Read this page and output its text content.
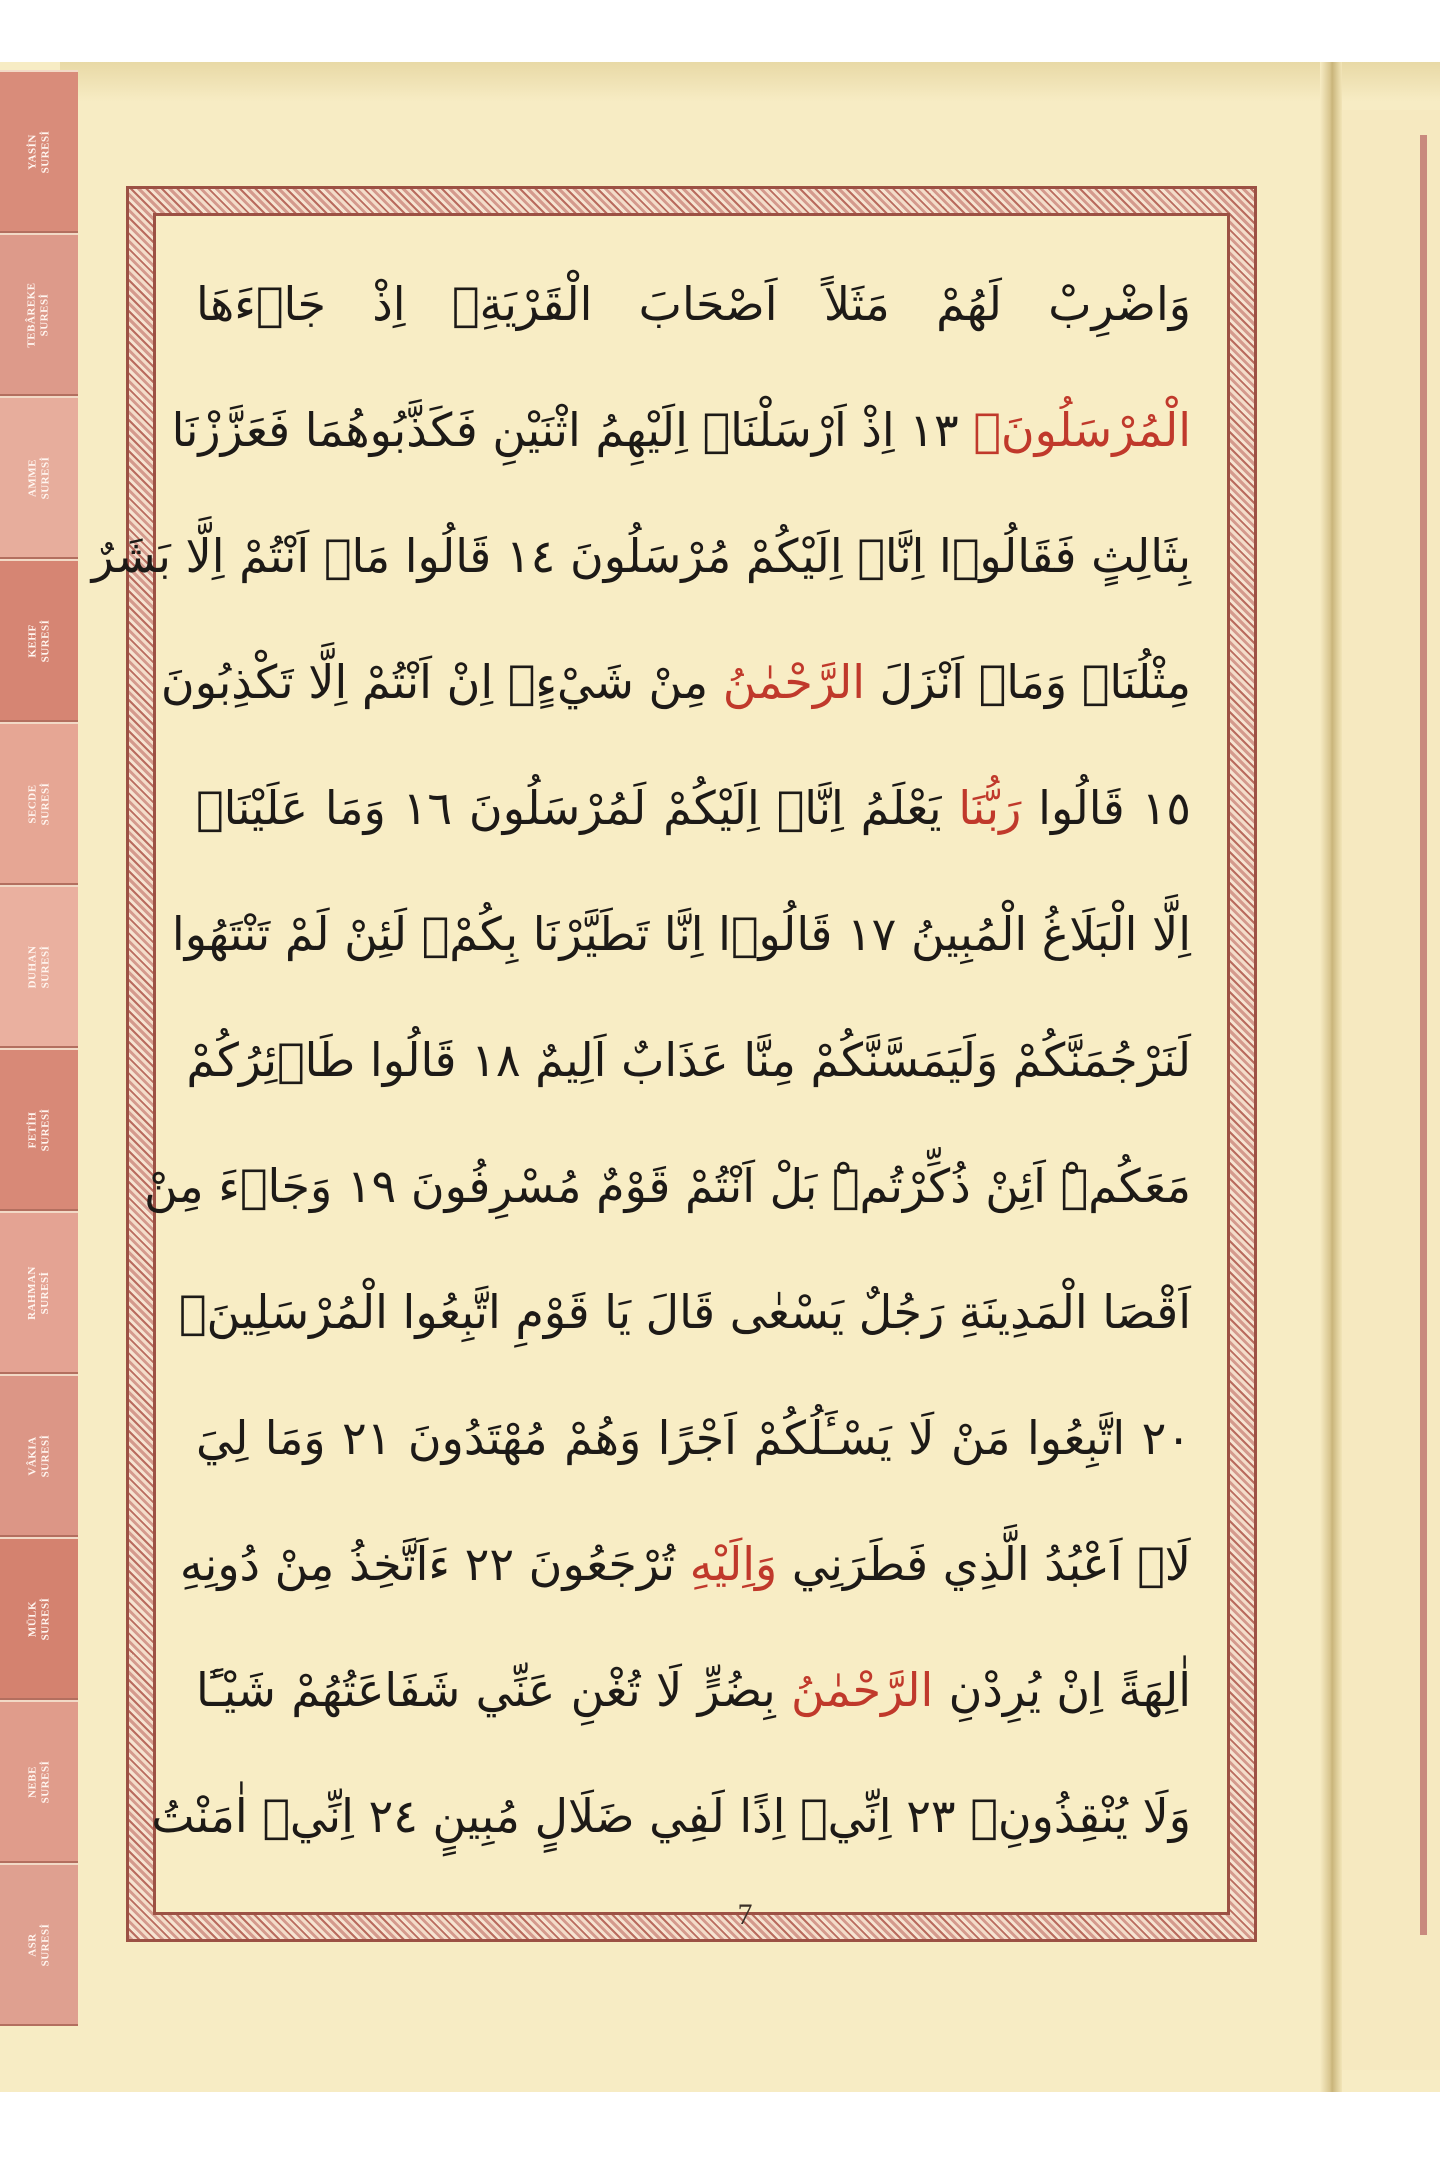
YASİN
SURESİ
TEBÂREKE
SURESİ
AMME
SURESİ
KEHF
SURESİ
SECDE
SURESİ
DUHAN
SURESİ
FETİH
SURESİ
RAHMAN
SURESİ
VÂKIA
SURESİ
MÜLK
SURESİ
NEBE
SURESİ
ASR
SURESİ
وَاضْرِبْ لَهُمْ مَثَلاً اَصْحَابَ الْقَرْيَةِۢ اِذْ جَاۤءَهَا
الْمُرْسَلُونَۚ ١٣ اِذْ اَرْسَلْنَاۤ اِلَيْهِمُ اثْنَيْنِ فَكَذَّبُوهُمَا فَعَزَّزْنَا
بِثَالِثٍ فَقَالُوۤا اِنَّاۤ اِلَيْكُمْ مُرْسَلُونَ ١٤ قَالُوا مَاۤ اَنْتُمْ اِلَّا بَشَرٌ
مِثْلُنَاۙ وَمَاۤ اَنْزَلَ الرَّحْمٰنُ مِنْ شَيْءٍۙ اِنْ اَنْتُمْ اِلَّا تَكْذِبُونَ
١٥ قَالُوا رَبُّنَا يَعْلَمُ اِنَّاۤ اِلَيْكُمْ لَمُرْسَلُونَ ١٦ وَمَا عَلَيْنَاۤ
اِلَّا الْبَلَاغُ الْمُبِينُ ١٧ قَالُوۤا اِنَّا تَطَيَّرْنَا بِكُمْۚ لَئِنْ لَمْ تَنْتَهُوا
لَنَرْجُمَنَّكُمْ وَلَيَمَسَّنَّكُمْ مِنَّا عَذَابٌ اَلِيمٌ ١٨ قَالُوا طَاۤئِرُكُمْ
مَعَكُمْۜ اَئِنْ ذُكِّرْتُمْۜ بَلْ اَنْتُمْ قَوْمٌ مُسْرِفُونَ ١٩ وَجَاۤءَ مِنْ
اَقْصَا الْمَدِينَةِ رَجُلٌ يَسْعٰى قَالَ يَا قَوْمِ اتَّبِعُوا الْمُرْسَلِينَۙ
٢٠ اتَّبِعُوا مَنْ لَا يَسْـَٔلُكُمْ اَجْرًا وَهُمْ مُهْتَدُونَ ٢١ وَمَا لِيَ
لَاۤ اَعْبُدُ الَّذِي فَطَرَنِي وَاِلَيْهِ تُرْجَعُونَ ٢٢ ءَاَتَّخِذُ مِنْ دُونِهِ
اٰلِهَةً اِنْ يُرِدْنِ الرَّحْمٰنُ بِضُرٍّ لَا تُغْنِ عَنِّي شَفَاعَتُهُمْ شَيْـًٔا
وَلَا يُنْقِذُونِۚ ٢٣ اِنِّيۤ اِذًا لَفِي ضَلَالٍ مُبِينٍ ٢٤ اِنِّيۤ اٰمَنْتُ
7
